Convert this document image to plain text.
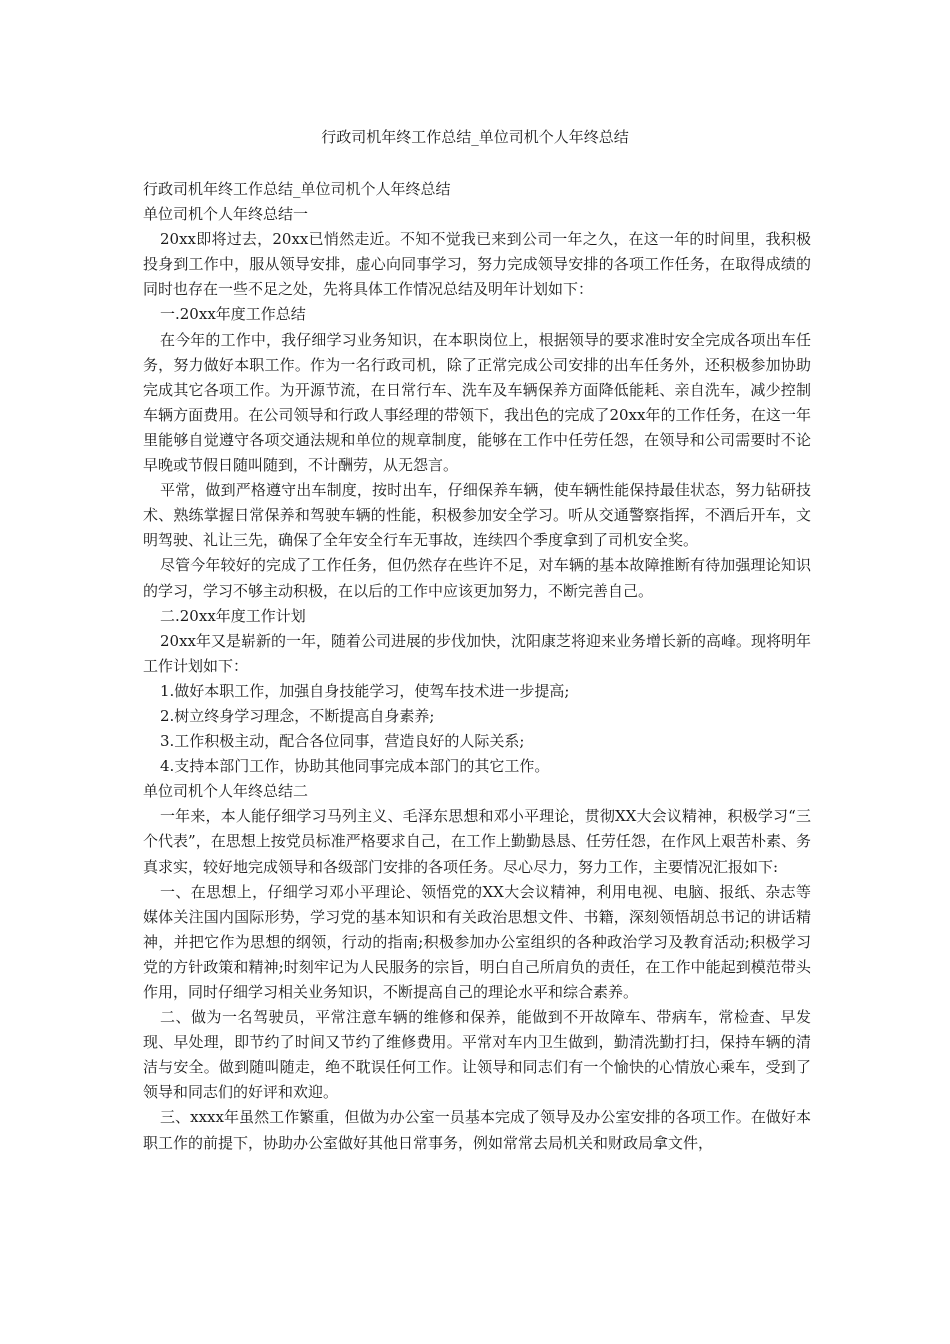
行政司机年终工作总结_单位司机个人年终总结

行政司机年终工作总结_单位司机个人年终总结

单位司机个人年终总结一

20xx即将过去，20xx已悄然走近。不知不觉我已来到公司一年之久，在这一年的时间里，我积极投身到工作中，服从领导安排，虚心向同事学习，努力完成领导安排的各项工作任务，在取得成绩的同时也存在一些不足之处，先将具体工作情况总结及明年计划如下：

一.20xx年度工作总结

在今年的工作中，我仔细学习业务知识，在本职岗位上，根据领导的要求准时安全完成各项出车任务，努力做好本职工作。作为一名行政司机，除了正常完成公司安排的出车任务外，还积极参加协助完成其它各项工作。为开源节流，在日常行车、洗车及车辆保养方面降低能耗、亲自洗车，减少控制车辆方面费用。在公司领导和行政人事经理的带领下，我出色的完成了20xx年的工作任务，在这一年里能够自觉遵守各项交通法规和单位的规章制度，能够在工作中任劳任怨，在领导和公司需要时不论早晚或节假日随叫随到，不计酬劳，从无怨言。

平常，做到严格遵守出车制度，按时出车，仔细保养车辆，使车辆性能保持最佳状态，努力钻研技术、熟练掌握日常保养和驾驶车辆的性能，积极参加安全学习。听从交通警察指挥，不酒后开车，文明驾驶、礼让三先，确保了全年安全行车无事故，连续四个季度拿到了司机安全奖。

尽管今年较好的完成了工作任务，但仍然存在些许不足，对车辆的基本故障推断有待加强理论知识的学习，学习不够主动积极，在以后的工作中应该更加努力，不断完善自己。

二.20xx年度工作计划

20xx年又是崭新的一年，随着公司进展的步伐加快，沈阳康芝将迎来业务增长新的高峰。现将明年工作计划如下：

1.做好本职工作，加强自身技能学习，使驾车技术进一步提高;

2.树立终身学习理念，不断提高自身素养;

3.工作积极主动，配合各位同事，营造良好的人际关系;

4.支持本部门工作，协助其他同事完成本部门的其它工作。

单位司机个人年终总结二

一年来，本人能仔细学习马列主义、毛泽东思想和邓小平理论，贯彻XX大会议精神，积极学习“三个代表”，在思想上按党员标准严格要求自己，在工作上勤勤恳恳、任劳任怨，在作风上艰苦朴素、务真求实，较好地完成领导和各级部门安排的各项任务。尽心尽力，努力工作，主要情况汇报如下:

一、在思想上，仔细学习邓小平理论、领悟党的XX大会议精神，利用电视、电脑、报纸、杂志等媒体关注国内国际形势，学习党的基本知识和有关政治思想文件、书籍，深刻领悟胡总书记的讲话精神，并把它作为思想的纲领，行动的指南;积极参加办公室组织的各种政治学习及教育活动;积极学习党的方针政策和精神;时刻牢记为人民服务的宗旨，明白自己所肩负的责任，在工作中能起到模范带头作用，同时仔细学习相关业务知识，不断提高自己的理论水平和综合素养。

二、做为一名驾驶员，平常注意车辆的维修和保养，能做到不开故障车、带病车，常检查、早发现、早处理，即节约了时间又节约了维修费用。平常对车内卫生做到，勤清洗勤打扫，保持车辆的清洁与安全。做到随叫随走，绝不耽误任何工作。让领导和同志们有一个愉快的心情放心乘车，受到了领导和同志们的好评和欢迎。

三、xxxx年虽然工作繁重，但做为办公室一员基本完成了领导及办公室安排的各项工作。在做好本职工作的前提下，协助办公室做好其他日常事务，例如常常去局机关和财政局拿文件，
